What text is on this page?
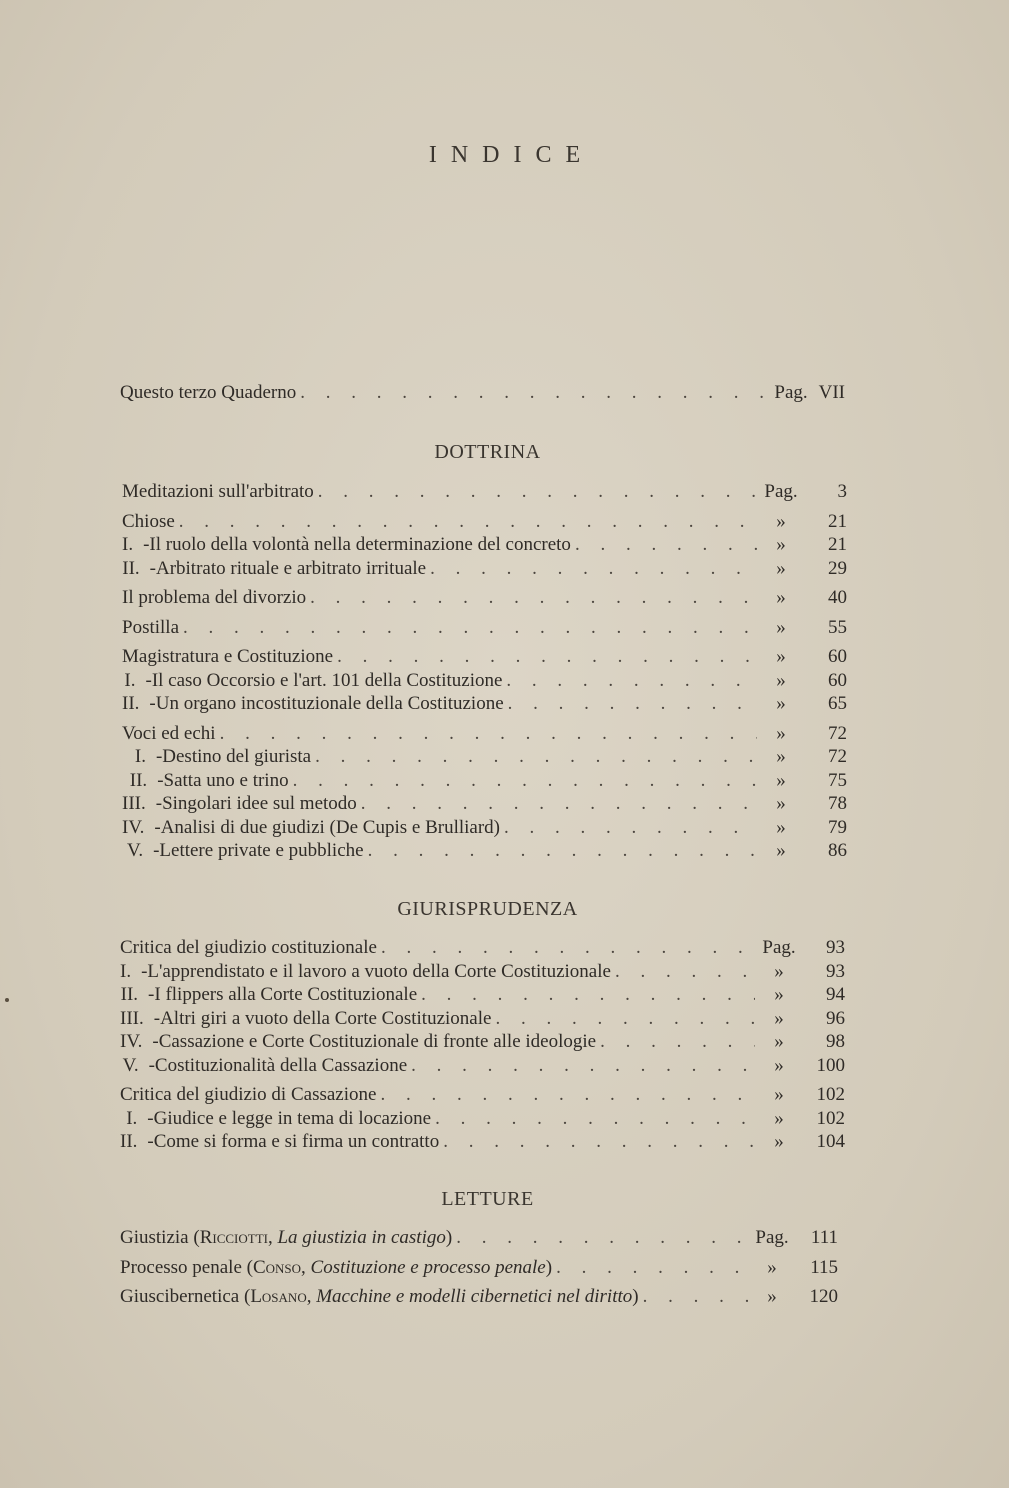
INDICE
Questo terzo Quaderno . . .	Pag. VII
DOTTRINA
Meditazioni sull'arbitrato . . .	Pag.	3
Chiose . . .	»	21
I. - Il ruolo della volontà nella determinazione del concreto . . .	»	21
II. - Arbitrato rituale e arbitrato irrituale . . .	»	29
Il problema del divorzio . . .	»	40
Postilla . . .	»	55
Magistratura e Costituzione . . .	»	60
I. - Il caso Occorsio e l'art. 101 della Costituzione . . .	»	60
II. - Un organo incostituzionale della Costituzione . . .	»	65
Voci ed echi . . .	»	72
I. - Destino del giurista . . .	»	72
II. - Satta uno e trino . . .	»	75
III. - Singolari idee sul metodo . . .	»	78
IV. - Analisi di due giudizi (De Cupis e Brulliard) . . .	»	79
V. - Lettere private e pubbliche . . .	»	86
GIURISPRUDENZA
Critica del giudizio costituzionale . . .	Pag.	93
I. - L'apprendistato e il lavoro a vuoto della Corte Costituzionale . . .	»	93
II. - I flippers alla Corte Costituzionale . . .	»	94
III. - Altri giri a vuoto della Corte Costituzionale . . .	»	96
IV. - Cassazione e Corte Costituzionale di fronte alle ideologie . . .	»	98
V. - Costituzionalità della Cassazione . . .	»	100
Critica del giudizio di Cassazione . . .	»	102
I. - Giudice e legge in tema di locazione . . .	»	102
II. - Come si forma e si firma un contratto . . .	»	104
LETTURE
Giustizia (Ricciotti, La giustizia in castigo) . . .	Pag.	111
Processo penale (Conso, Costituzione e processo penale) . . .	»	115
Giuscibernetica (Losano, Macchine e modelli cibernetici nel diritto) . . .	»	120
